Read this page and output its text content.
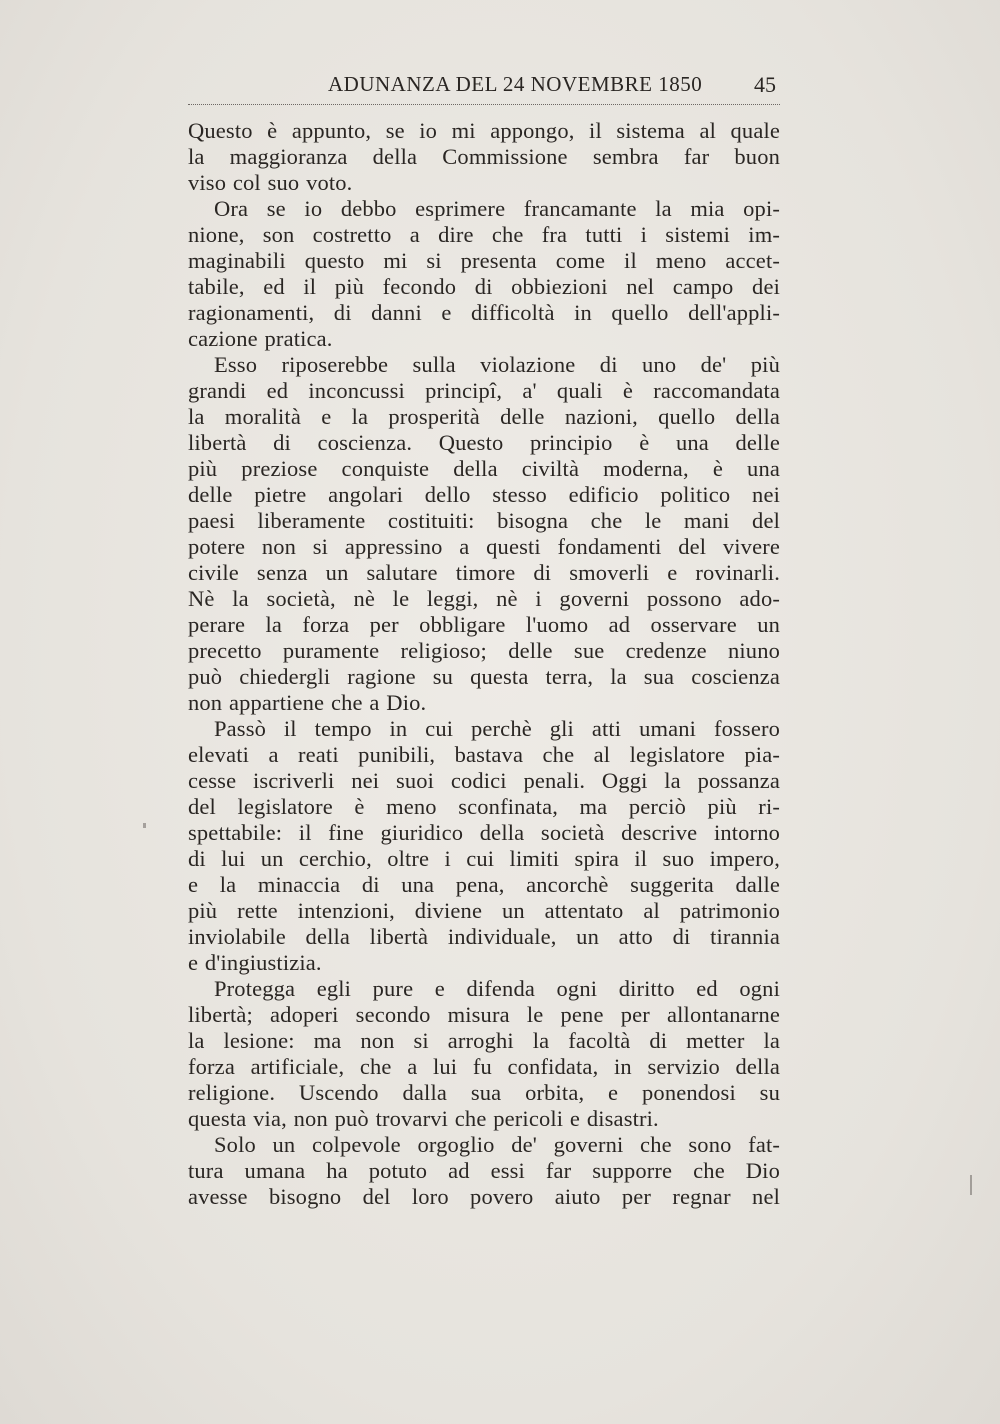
ADUNANZA DEL 24 NOVEMBRE 1850 45
Questo è appunto, se io mi appongo, il sistema al quale
la maggioranza della Commissione sembra far buon
viso col suo voto.
Ora se io debbo esprimere francamante la mia opi-
nione, son costretto a dire che fra tutti i sistemi im-
maginabili questo mi si presenta come il meno accet-
tabile, ed il più fecondo di obbiezioni nel campo dei
ragionamenti, di danni e difficoltà in quello dell'appli-
cazione pratica.
Esso riposerebbe sulla violazione di uno de' più
grandi ed inconcussi principî, a' quali è raccomandata
la moralità e la prosperità delle nazioni, quello della
libertà di coscienza. Questo principio è una delle
più preziose conquiste della civiltà moderna, è una
delle pietre angolari dello stesso edificio politico nei
paesi liberamente costituiti: bisogna che le mani del
potere non si appressino a questi fondamenti del vivere
civile senza un salutare timore di smoverli e rovinarli.
Nè la società, nè le leggi, nè i governi possono ado-
perare la forza per obbligare l'uomo ad osservare un
precetto puramente religioso; delle sue credenze niuno
può chiedergli ragione su questa terra, la sua coscienza
non appartiene che a Dio.
Passò il tempo in cui perchè gli atti umani fossero
elevati a reati punibili, bastava che al legislatore pia-
cesse iscriverli nei suoi codici penali. Oggi la possanza
del legislatore è meno sconfinata, ma perciò più ri-
spettabile: il fine giuridico della società descrive intorno
di lui un cerchio, oltre i cui limiti spira il suo impero,
e la minaccia di una pena, ancorchè suggerita dalle
più rette intenzioni, diviene un attentato al patrimonio
inviolabile della libertà individuale, un atto di tirannia
e d'ingiustizia.
Protegga egli pure e difenda ogni diritto ed ogni
libertà; adoperi secondo misura le pene per allontanarne
la lesione: ma non si arroghi la facoltà di metter la
forza artificiale, che a lui fu confidata, in servizio della
religione. Uscendo dalla sua orbita, e ponendosi su
questa via, non può trovarvi che pericoli e disastri.
Solo un colpevole orgoglio de' governi che sono fat-
tura umana ha potuto ad essi far supporre che Dio
avesse bisogno del loro povero aiuto per regnar nel
